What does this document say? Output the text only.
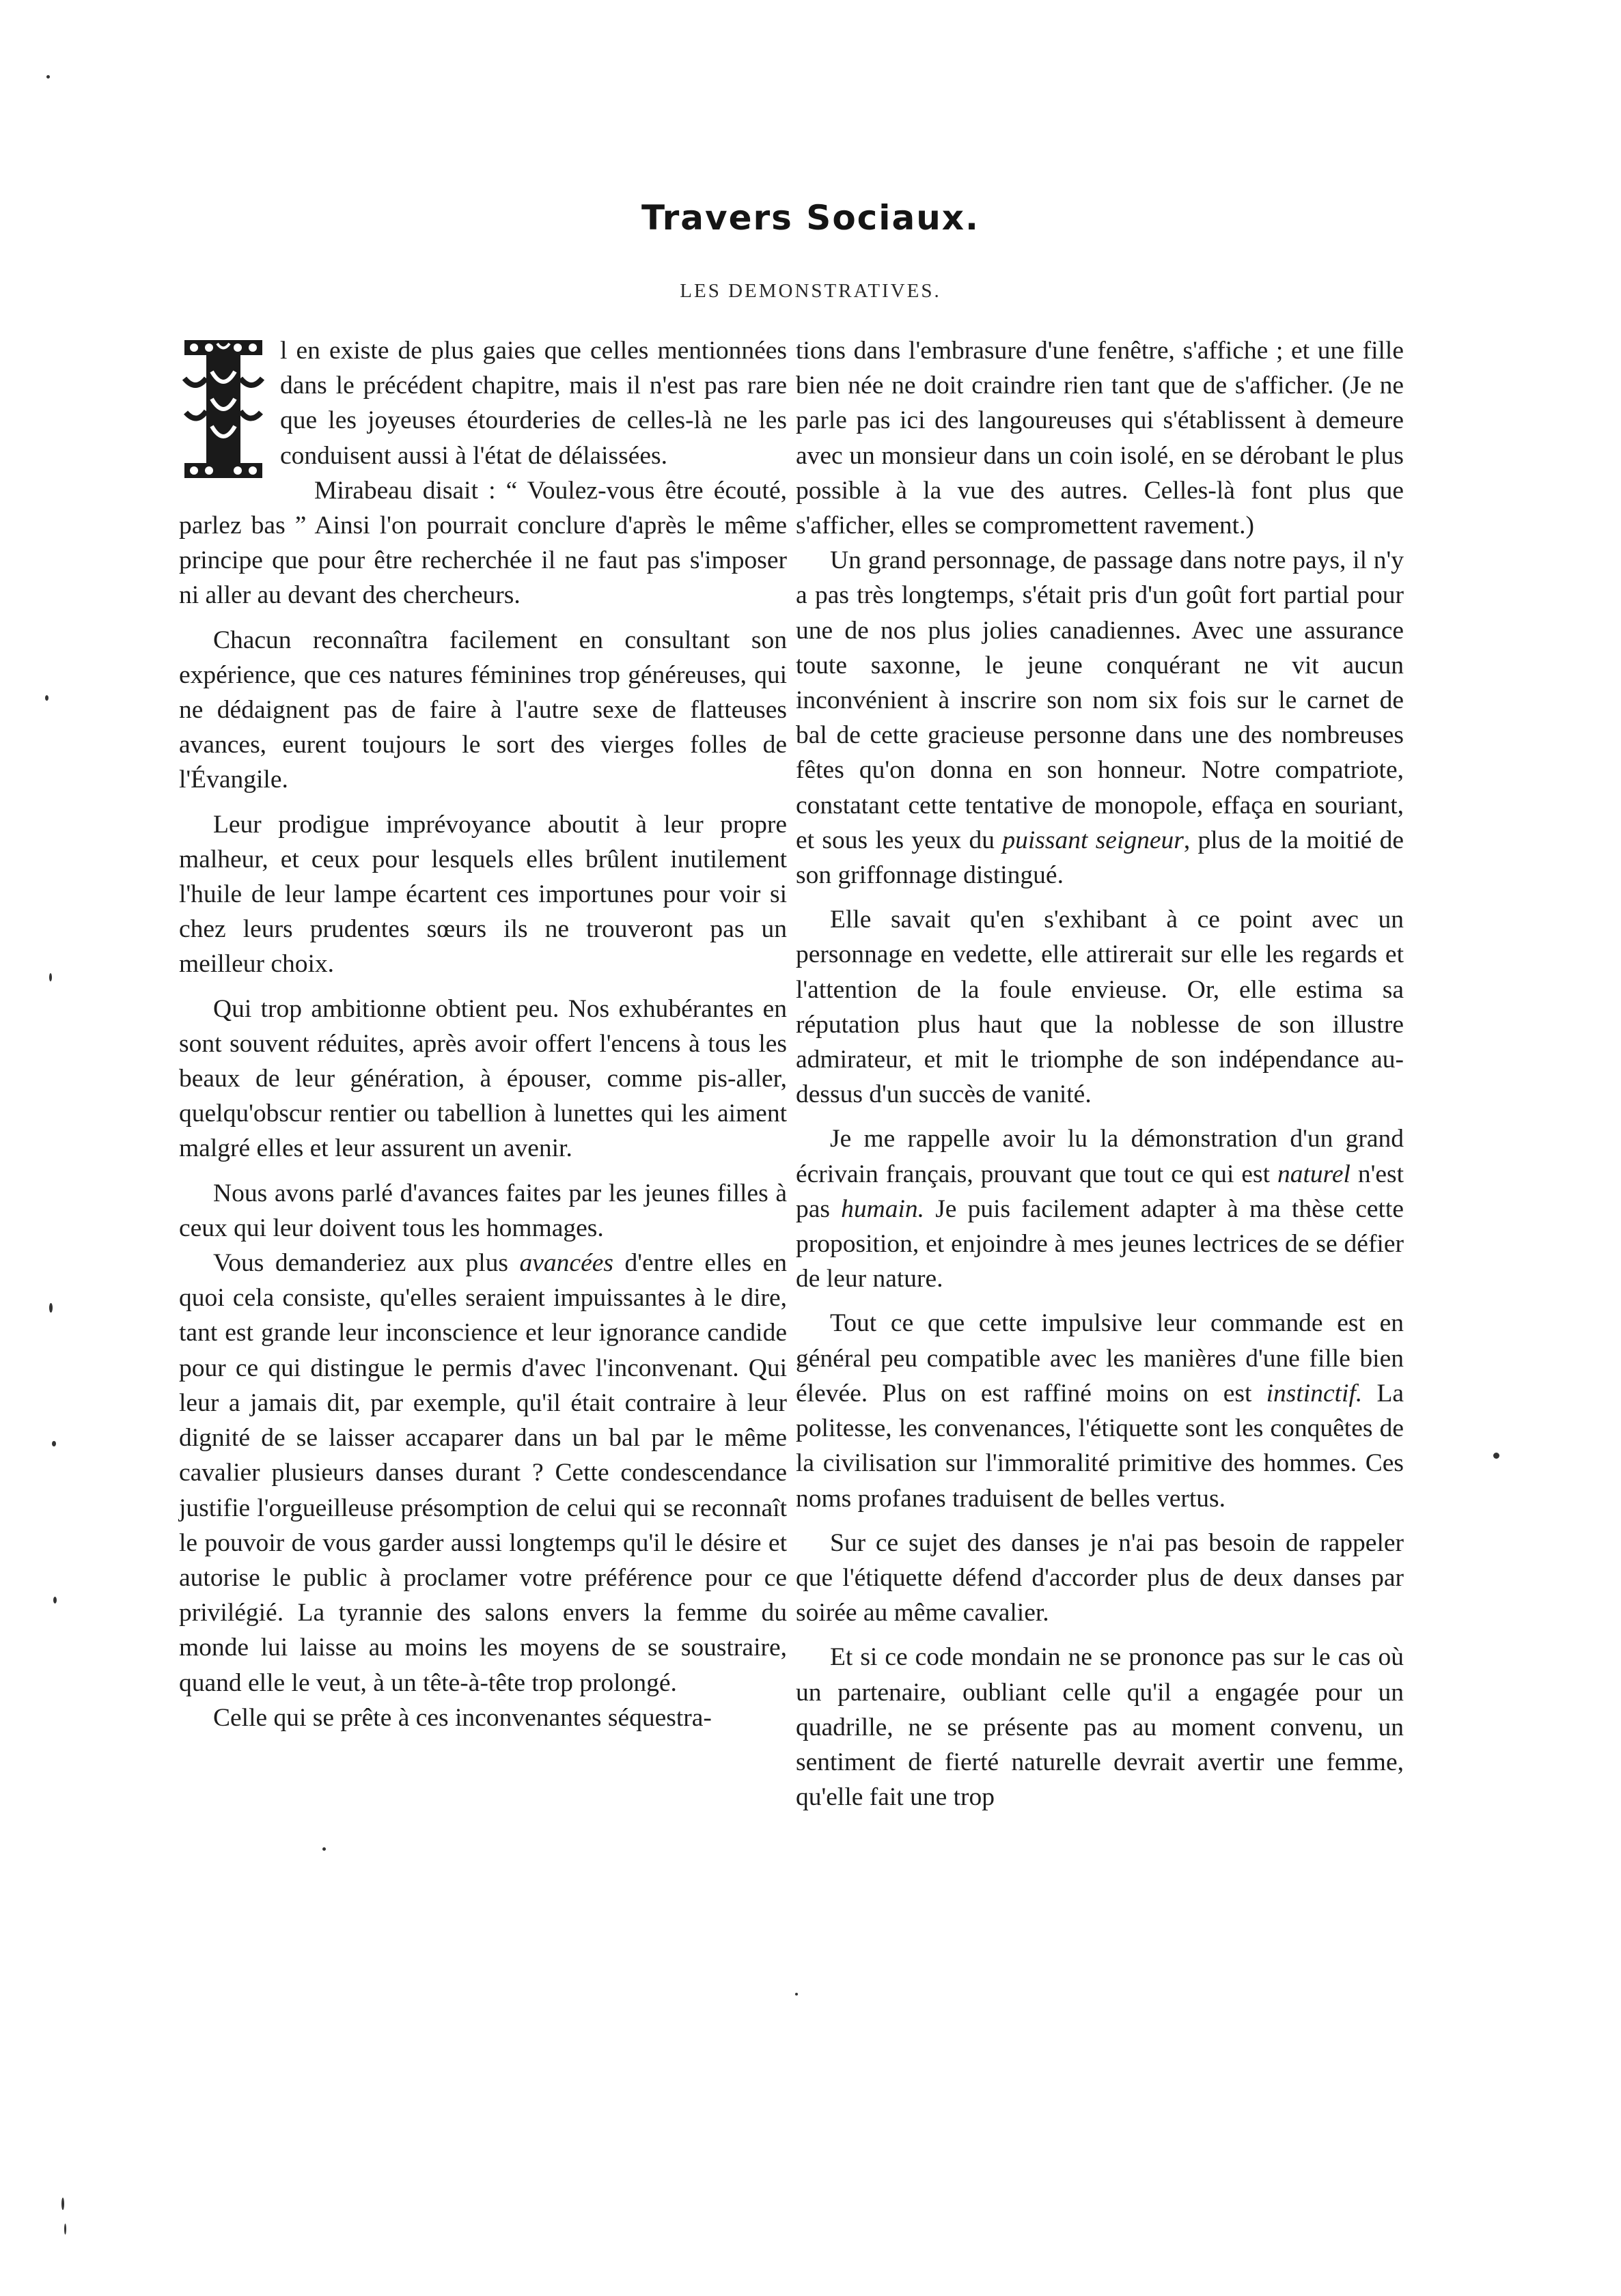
Travers Sociaux.
LES DEMONSTRATIVES.

l en existe de plus gaies que celles mentionnées dans le précédent chapitre, mais il n'est pas rare que les joyeuses étourderies de celles-là ne les conduisent aussi à l'état de délaissées.

Mirabeau disait : “ Voulez-vous être écouté, parlez bas ” Ainsi l'on pourrait conclure d'après le même principe que pour être recherchée il ne faut pas s'imposer ni aller au devant des chercheurs.

Chacun reconnaîtra facilement en consultant son expérience, que ces natures féminines trop généreuses, qui ne dédaignent pas de faire à l'autre sexe de flatteuses avances, eurent toujours le sort des vierges folles de l'Évangile.

Leur prodigue imprévoyance aboutit à leur propre malheur, et ceux pour lesquels elles brûlent inutilement l'huile de leur lampe écartent ces importunes pour voir si chez leurs prudentes sœurs ils ne trouveront pas un meilleur choix.

Qui trop ambitionne obtient peu. Nos exhubérantes en sont souvent réduites, après avoir offert l'encens à tous les beaux de leur génération, à épouser, comme pis-aller, quelqu'obscur rentier ou tabellion à lunettes qui les aiment malgré elles et leur assurent un avenir.

Nous avons parlé d'avances faites par les jeunes filles à ceux qui leur doivent tous les hommages.

Vous demanderiez aux plus avancées d'entre elles en quoi cela consiste, qu'elles seraient impuissantes à le dire, tant est grande leur inconscience et leur ignorance candide pour ce qui distingue le permis d'avec l'inconvenant. Qui leur a jamais dit, par exemple, qu'il était contraire à leur dignité de se laisser accaparer dans un bal par le même cavalier plusieurs danses durant ? Cette condescendance justifie l'orgueilleuse présomption de celui qui se reconnaît le pouvoir de vous garder aussi longtemps qu'il le désire et autorise le public à proclamer votre préférence pour ce privilégié. La tyrannie des salons envers la femme du monde lui laisse au moins les moyens de se soustraire, quand elle le veut, à un tête-à-tête trop prolongé.

Celle qui se prête à ces inconvenantes séquestra-

tions dans l'embrasure d'une fenêtre, s'affiche ; et une fille bien née ne doit craindre rien tant que de s'afficher. (Je ne parle pas ici des langoureuses qui s'établissent à demeure avec un monsieur dans un coin isolé, en se dérobant le plus possible à la vue des autres. Celles-là font plus que s'afficher, elles se compromettent ravement.)

Un grand personnage, de passage dans notre pays, il n'y a pas très longtemps, s'était pris d'un goût fort partial pour une de nos plus jolies canadiennes. Avec une assurance toute saxonne, le jeune conquérant ne vit aucun inconvénient à inscrire son nom six fois sur le carnet de bal de cette gracieuse personne dans une des nombreuses fêtes qu'on donna en son honneur. Notre compatriote, constatant cette tentative de monopole, effaça en souriant, et sous les yeux du puissant seigneur, plus de la moitié de son griffonnage distingué.

Elle savait qu'en s'exhibant à ce point avec un personnage en vedette, elle attirerait sur elle les regards et l'attention de la foule envieuse. Or, elle estima sa réputation plus haut que la noblesse de son illustre admirateur, et mit le triomphe de son indépendance au-dessus d'un succès de vanité.

Je me rappelle avoir lu la démonstration d'un grand écrivain français, prouvant que tout ce qui est naturel n'est pas humain. Je puis facilement adapter à ma thèse cette proposition, et enjoindre à mes jeunes lectrices de se défier de leur nature.

Tout ce que cette impulsive leur commande est en général peu compatible avec les manières d'une fille bien élevée. Plus on est raffiné moins on est instinctif. La politesse, les convenances, l'étiquette sont les conquêtes de la civilisation sur l'immoralité primitive des hommes. Ces noms profanes traduisent de belles vertus.

Sur ce sujet des danses je n'ai pas besoin de rappeler que l'étiquette défend d'accorder plus de deux danses par soirée au même cavalier.

Et si ce code mondain ne se prononce pas sur le cas où un partenaire, oubliant celle qu'il a engagée pour un quadrille, ne se présente pas au moment convenu, un sentiment de fierté naturelle devrait avertir une femme, qu'elle fait une trop
